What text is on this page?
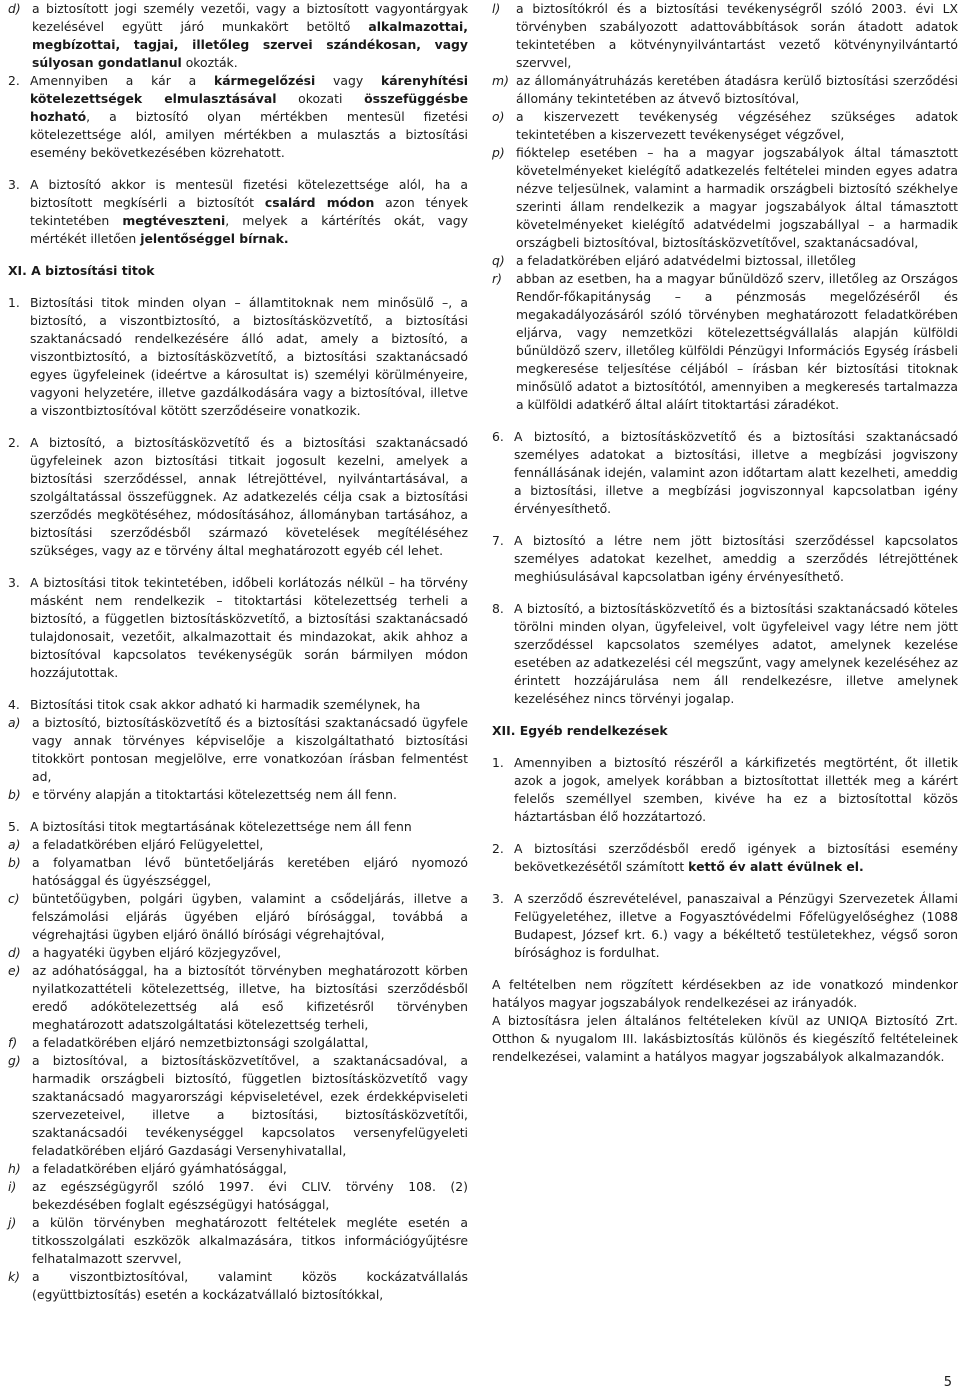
d) a biztosított jogi személy vezetői, vagy a biztosított vagyontárgyak kezelésével együtt járó munkakört betöltő alkalmazottai, megbízottai, tagjai, illetőleg szervei szándékosan, vagy súlyosan gondatlanul okozták.
2. Amennyiben a kár a kármegelőzési vagy kárenyhítési kötelezettségek elmulasztásával okozati összefüggésbe hozható, a biztosító olyan mértékben mentesül fizetési kötelezettsége alól, amilyen mértékben a mulasztás a biztosítási esemény bekövetkezésében közrehatott.
3. A biztosító akkor is mentesül fizetési kötelezettsége alól, ha a biztosított megkísérli a biztosítót csalárd módon azon tények tekintetében megtéveszteni, melyek a kártérítés okát, vagy mértékét illetően jelentőséggel bírnak.
XI. A biztosítási titok
1. Biztosítási titok minden olyan – államtitoknak nem minősülő –, a biztosító, a viszontbiztosító, a biztosításközvetítő, a biztosítási szaktanácsadó rendelkezésére álló adat, amely a biztosító, a viszontbiztosító, a biztosításközvetítő, a biztosítási szaktanácsadó egyes ügyfeleinek (ideértve a károsultat is) személyi körülményeire, vagyoni helyzetére, illetve gazdálkodására vagy a biztosítóval, illetve a viszontbiztosítóval kötött szerződéseire vonatkozik.
2. A biztosító, a biztosításközvetítő és a biztosítási szaktanácsadó ügyfeleinek azon biztosítási titkait jogosult kezelni, amelyek a biztosítási szerződéssel, annak létrejöttével, nyilvántartásával, a szolgáltatással összefüggnek. Az adatkezelés célja csak a biztosítási szerződés megkötéséhez, módosításához, állományban tartásához, a biztosítási szerződésből származó követelések megítéléséhez szükséges, vagy az e törvény által meghatározott egyéb cél lehet.
3. A biztosítási titok tekintetében, időbeli korlátozás nélkül – ha törvény másként nem rendelkezik – titoktartási kötelezettség terheli a biztosító, a független biztosításközvetítő, a biztosítási szaktanácsadó tulajdonosait, vezetőit, alkalmazottait és mindazokat, akik ahhoz a biztosítóval kapcsolatos tevékenységük során bármilyen módon hozzájutottak.
4. Biztosítási titok csak akkor adható ki harmadik személynek, ha
a) a biztosító, biztosításközvetítő és a biztosítási szaktanácsadó ügyfele vagy annak törvényes képviselője a kiszolgáltatható biztosítási titokkört pontosan megjelölve, erre vonatkozóan írásban felmentést ad,
b) e törvény alapján a titoktartási kötelezettség nem áll fenn.
5. A biztosítási titok megtartásának kötelezettsége nem áll fenn
a) a feladatkörében eljáró Felügyelettel,
b) a folyamatban lévő büntetőeljárás keretében eljáró nyomozó hatósággal és ügyészséggel,
c) büntetőügyben, polgári ügyben, valamint a csődeljárás, illetve a felszámolási eljárás ügyében eljáró bírósággal, továbbá a végrehajtási ügyben eljáró önálló bírósági végrehajtóval,
d) a hagyatéki ügyben eljáró közjegyzővel,
e) az adóhatósággal, ha a biztosítót törvényben meghatározott körben nyilatkozattételi kötelezettség, illetve, ha biztosítási szerződésből eredő adókötelezettség alá eső kifizetésről törvényben meghatározott adatszolgáltatási kötelezettség terheli,
f)	a feladatkörében eljáró nemzetbiztonsági szolgálattal,
g) a biztosítóval, a biztosításközvetítővel, a szaktanácsadóval, a harmadik országbeli biztosító, független biztosításközvetítő vagy szaktanácsadó magyarországi képviseletével, ezek érdekképviseleti szervezeteivel, illetve a biztosítási, biztosításközvetítői, szaktanácsadói tevékenységgel kapcsolatos versenyfelügyeleti feladatkörében eljáró Gazdasági Versenyhivatallal,
h) a feladatkörében eljáró gyámhatósággal,
i)	az egészségügyről szóló 1997. évi CLIV. törvény 108. (2) bekezdésében foglalt egészségügyi hatósággal,
j)	a külön törvényben meghatározott feltételek megléte esetén a titkosszolgálati eszközök alkalmazására, titkos információgyűjtésre felhatalmazott szervvel,
k) a viszontbiztosítóval, valamint közös kockázatvállalás (együttbiztosítás) esetén a kockázatvállaló biztosítókkal,
l)	a biztosítókról és a biztosítási tevékenységről szóló 2003. évi LX törvényben szabályozott adattovábbítások során átadott adatok tekintetében a kötvénynyilvántartást vezető kötvénynyilvántartó szervvel,
m) az állományátruházás keretében átadásra kerülő biztosítási szerződési állomány tekintetében az átvevő biztosítóval,
o) a kiszervezett tevékenység végzéséhez szükséges adatok tekintetében a kiszervezett tevékenységet végzővel,
p) fióktelep esetében – ha a magyar jogszabályok által támasztott követelményeket kielégítő adatkezelés feltételei minden egyes adatra nézve teljesülnek, valamint a harmadik országbeli biztosító székhelye szerinti állam rendelkezik a magyar jogszabályok által támasztott követelményeket kielégítő adatvédelmi jogszabállyal – a harmadik országbeli biztosítóval, biztosításközvetítővel, szaktanácsadóval,
q) a feladatkörében eljáró adatvédelmi biztossal, illetőleg
r)	abban az esetben, ha a magyar bűnüldöző szerv, illetőleg az Országos Rendőr-főkapitányság – a pénzmosás megelőzéséről és megakadályozásáról szóló törvényben meghatározott feladatkörében eljárva, vagy nemzetközi kötelezettségvállalás alapján külföldi bűnüldöző szerv, illetőleg külföldi Pénzügyi Információs Egység írásbeli megkeresése teljesítése céljából – írásban kér biztosítási titoknak minősülő adatot a biztosítótól, amennyiben a megkeresés tartalmazza a külföldi adatkérő által aláírt titoktartási záradékot.
6. A biztosító, a biztosításközvetítő és a biztosítási szaktanácsadó személyes adatokat a biztosítási, illetve a megbízási jogviszony fennállásának idején, valamint azon időtartam alatt kezelheti, ameddig a biztosítási, illetve a megbízási jogviszonnyal kapcsolatban igény érvényesíthető.
7. A biztosító a létre nem jött biztosítási szerződéssel kapcsolatos személyes adatokat kezelhet, ameddig a szerződés létrejöttének meghiúsulásával kapcsolatban igény érvényesíthető.
8. A biztosító, a biztosításközvetítő és a biztosítási szaktanácsadó köteles törölni minden olyan, ügyfeleivel, volt ügyfeleivel vagy létre nem jött szerződéssel kapcsolatos személyes adatot, amelynek kezelése esetében az adatkezelési cél megszűnt, vagy amelynek kezeléséhez az érintett hozzájárulása nem áll rendelkezésre, illetve amelynek kezeléséhez nincs törvényi jogalap.
XII. Egyéb rendelkezések
1. Amennyiben a biztosító részéről a kárkifizetés megtörtént, őt illetik azok a jogok, amelyek korábban a biztosítottat illették meg a kárért felelős személlyel szemben, kivéve ha ez a biztosítottal közös háztartásban élő hozzátartozó.
2. A biztosítási szerződésből eredő igények a biztosítási esemény bekövetkezésétől számított kettő év alatt évülnek el.
3. A szerződő észrevételével, panaszaival a Pénzügyi Szervezetek Állami Felügyeletéhez, illetve a Fogyasztóvédelmi Főfelügyelőséghez (1088 Budapest, József krt. 6.) vagy a békéltető testületekhez, végső soron bírósághoz is fordulhat.
A feltételben nem rögzített kérdésekben az ide vonatkozó mindenkor hatályos magyar jogszabályok rendelkezései az irányadók.
A biztosításra jelen általános feltételeken kívül az UNIQA Biztosító Zrt. Otthon & nyugalom III. lakásbiztosítás különös és kiegészítő feltételeinek rendelkezései, valamint a hatályos magyar jogszabályok alkalmazandók.
5
